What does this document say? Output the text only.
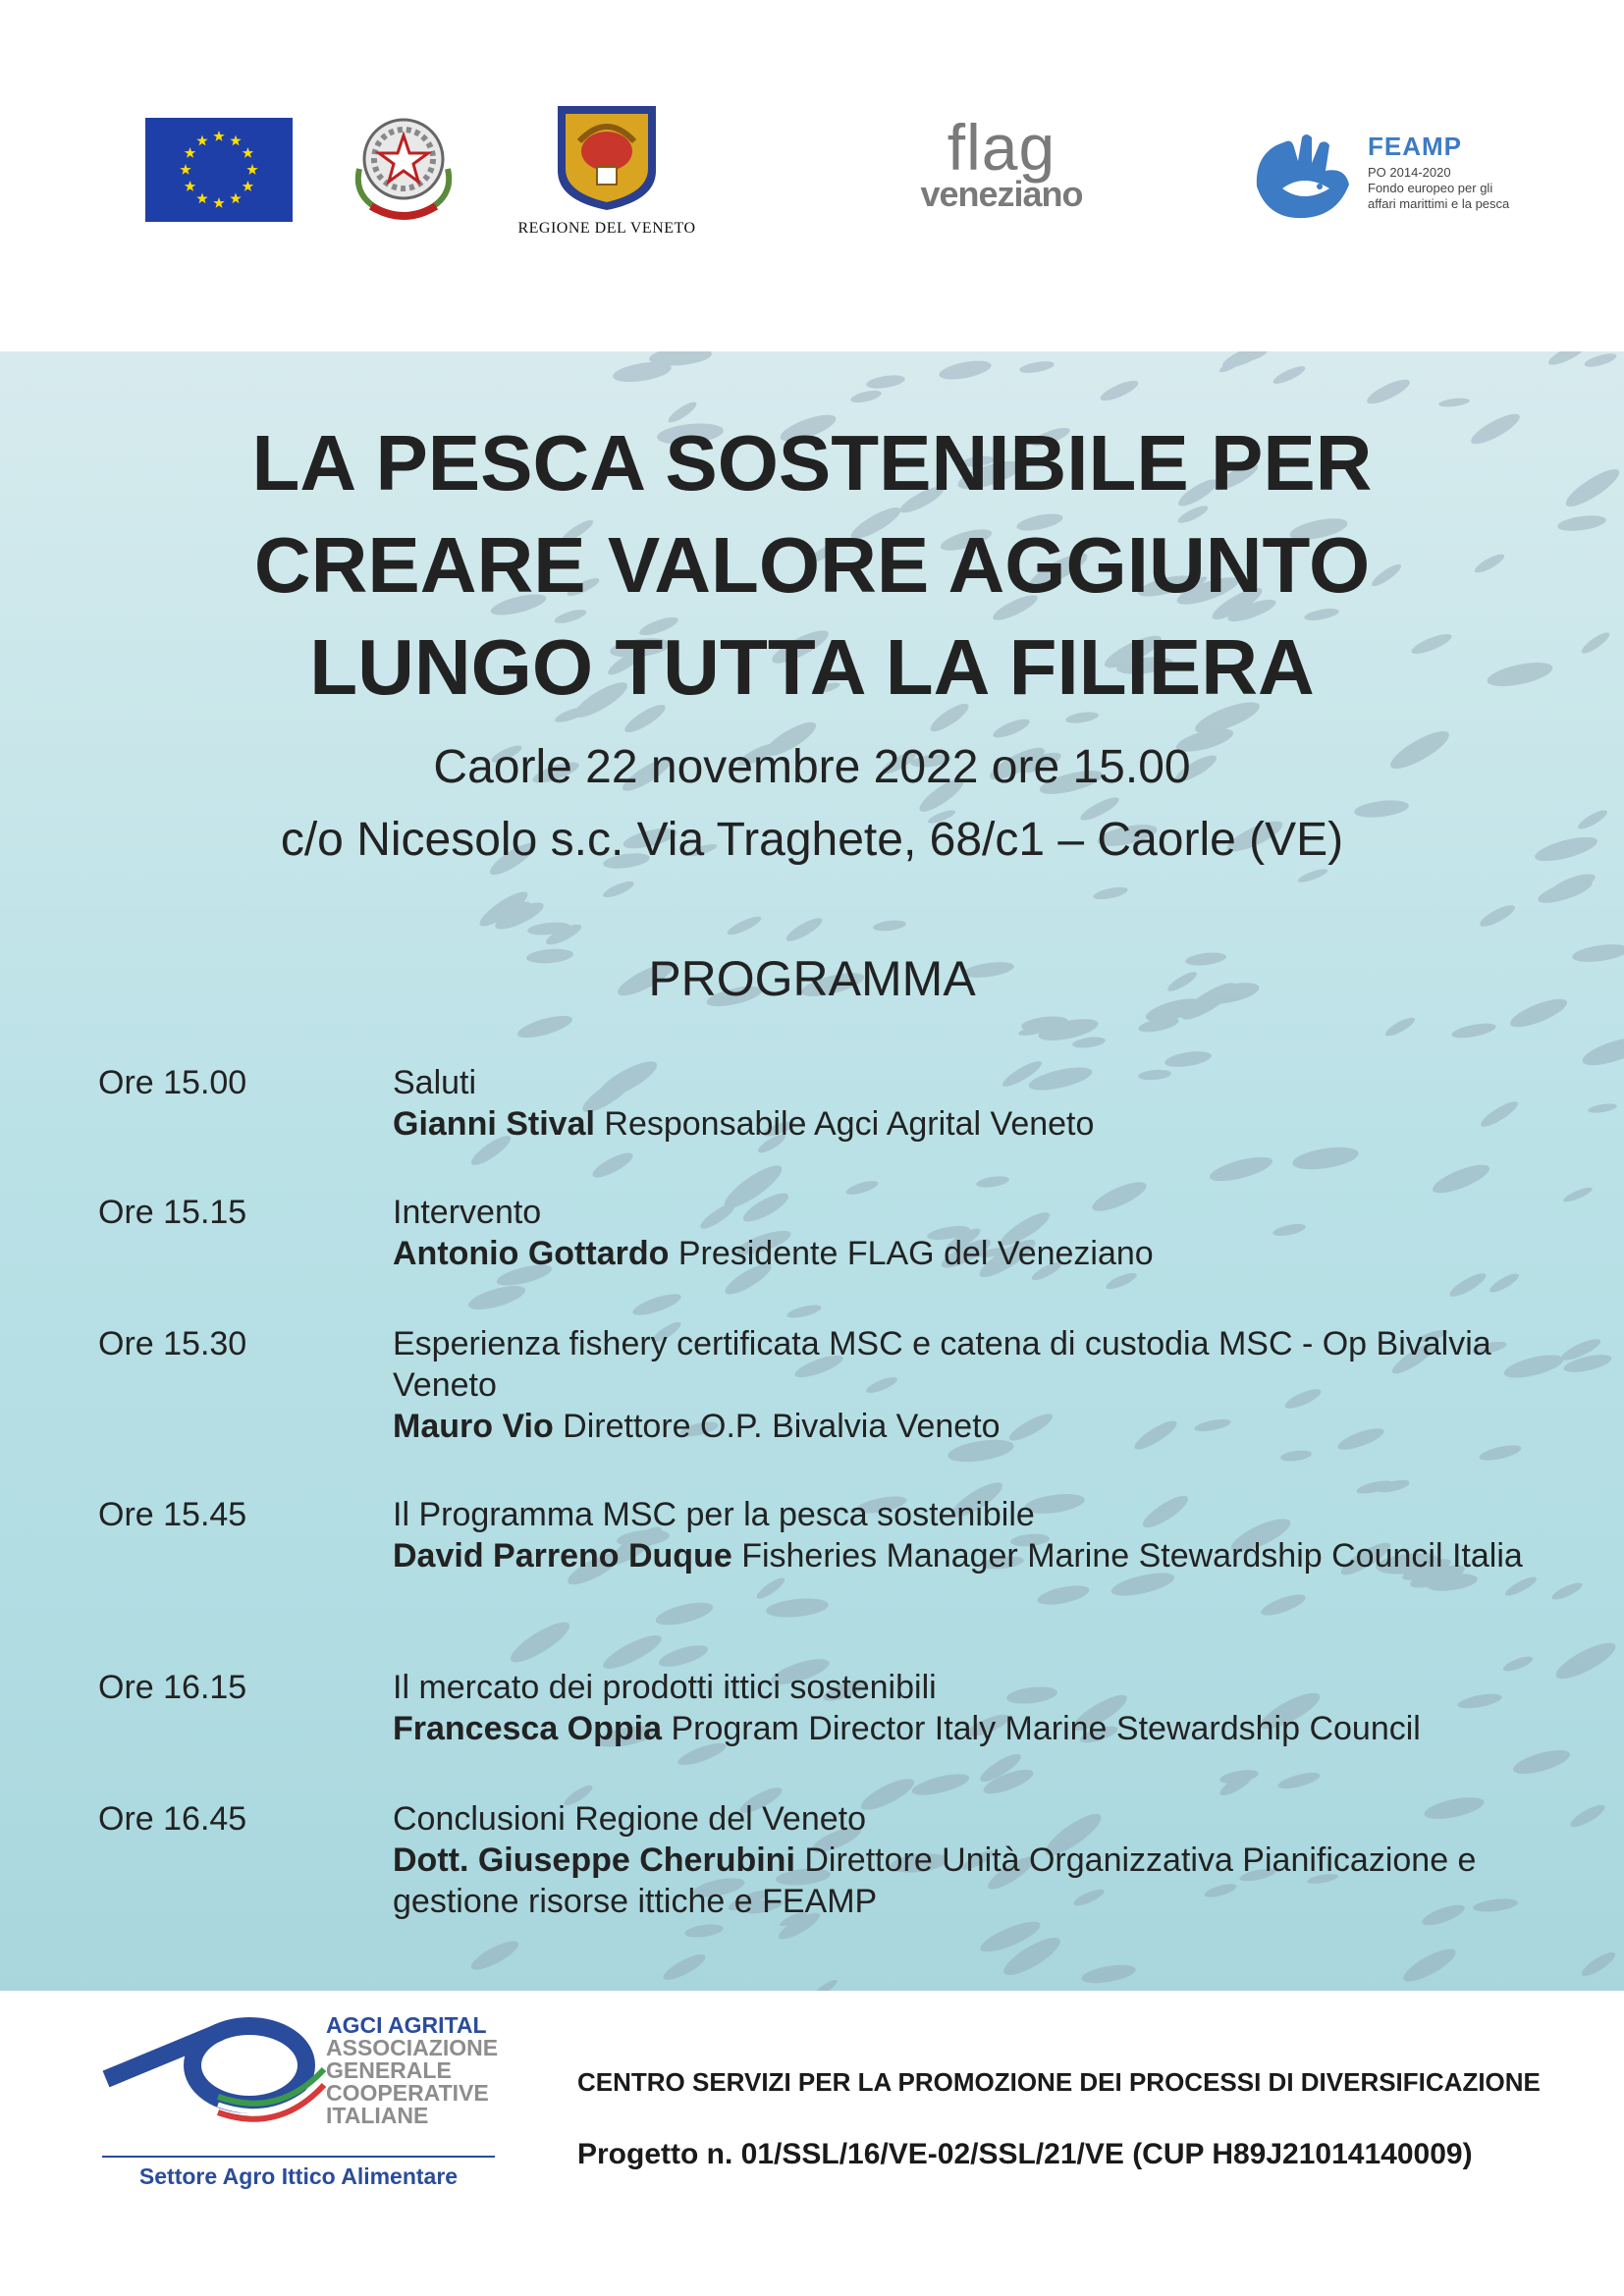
REGIONE DEL VENETO
flag
veneziano
FEAMP
PO 2014-2020
Fondo europeo per gli
affari marittimi e la pesca
LA PESCA SOSTENIBILE PER
CREARE VALORE AGGIUNTO
LUNGO TUTTA LA FILIERA
Caorle 22 novembre 2022 ore 15.00
c/o Nicesolo s.c. Via Traghete, 68/c1 – Caorle (VE)
PROGRAMMA
Ore 15.00	Saluti
Gianni Stival Responsabile Agci Agrital Veneto
Ore 15.15	Intervento
Antonio Gottardo Presidente FLAG del Veneziano
Ore 15.30	Esperienza fishery certificata MSC e catena di custodia MSC - Op Bivalvia Veneto
Mauro Vio Direttore O.P. Bivalvia Veneto
Ore 15.45	Il Programma MSC per la pesca sostenibile
David Parreno Duque Fisheries Manager Marine Stewardship Council Italia
Ore 16.15	Il mercato dei prodotti ittici sostenibili
Francesca Oppia Program Director Italy Marine Stewardship Council
Ore 16.45	Conclusioni Regione del Veneto
Dott. Giuseppe Cherubini Direttore Unità Organizzativa Pianificazione e gestione risorse ittiche e FEAMP
AGCI AGRITAL
ASSOCIAZIONE
GENERALE
COOPERATIVE
ITALIANE
Settore Agro Ittico Alimentare
CENTRO SERVIZI PER LA PROMOZIONE DEI PROCESSI DI DIVERSIFICAZIONE
Progetto n. 01/SSL/16/VE-02/SSL/21/VE (CUP H89J21014140009)
